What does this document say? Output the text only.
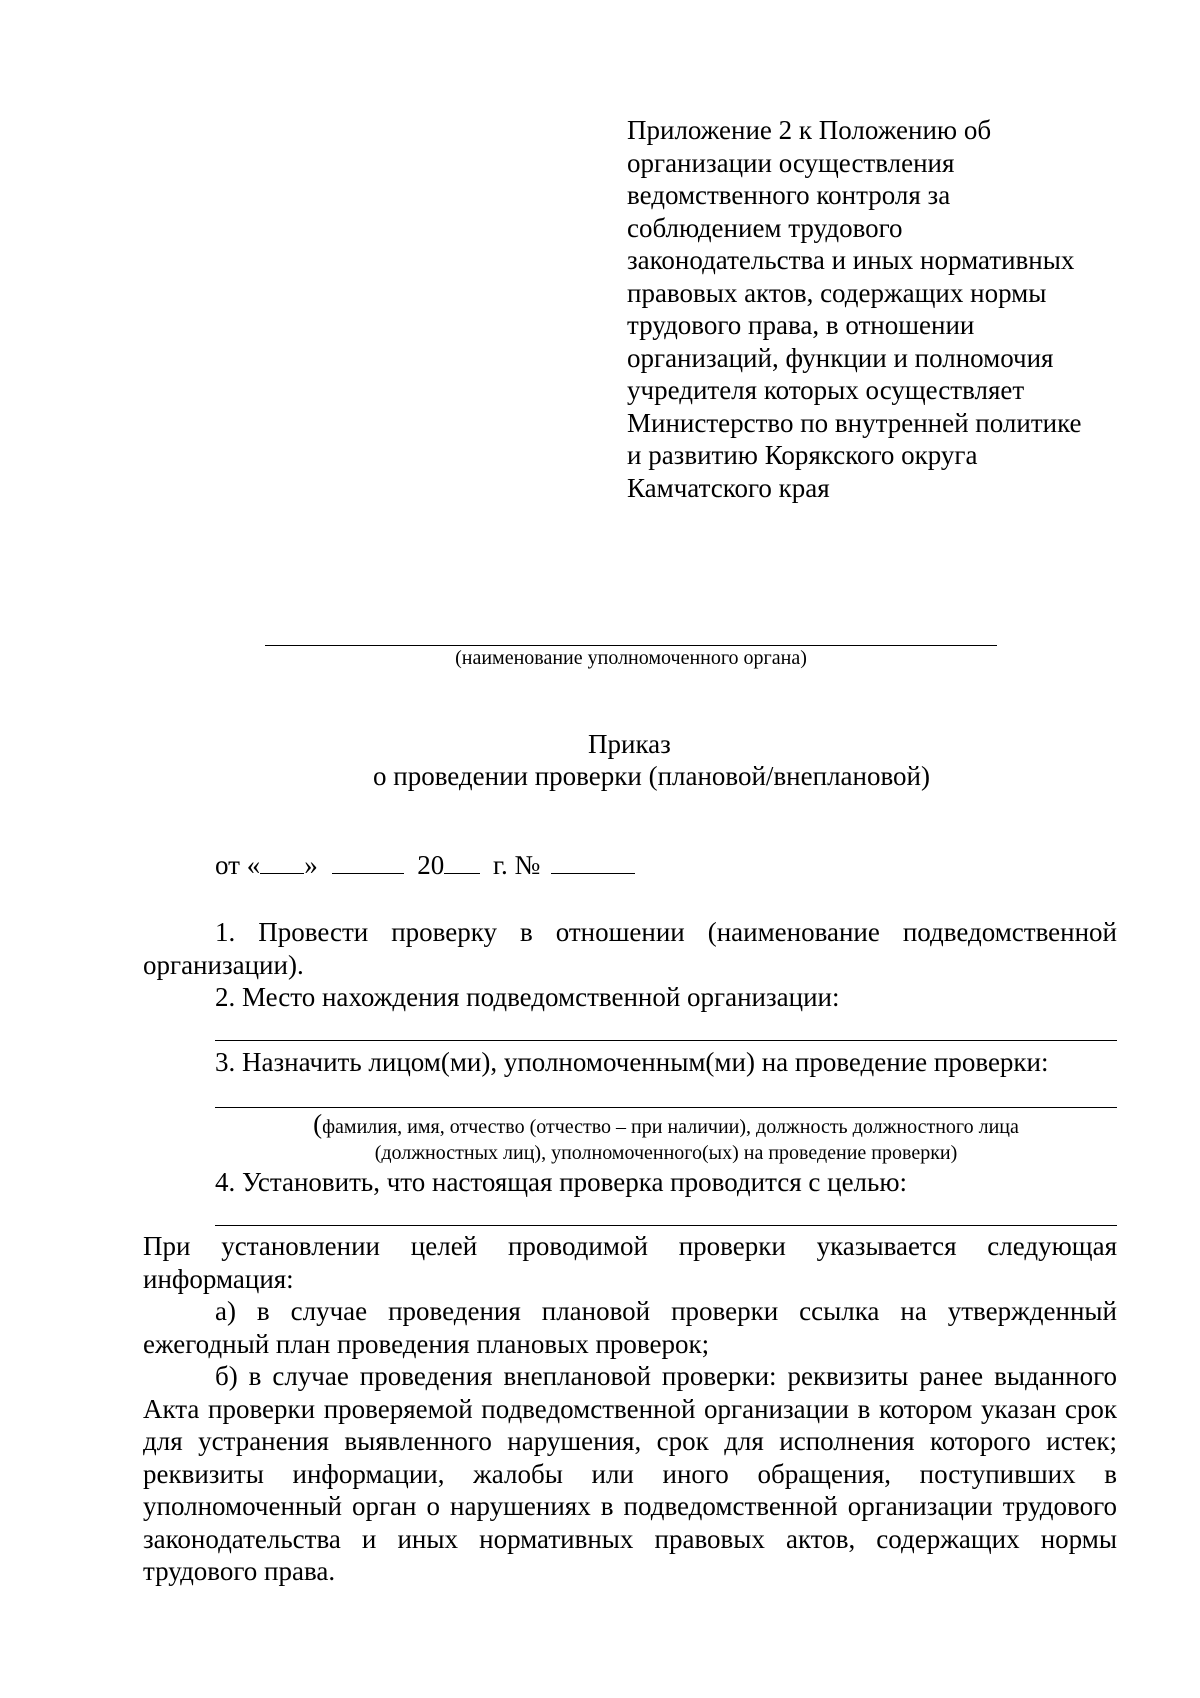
Приложение 2 к Положению об
организации осуществления
ведомственного контроля за
соблюдением трудового
законодательства и иных нормативных
правовых актов, содержащих нормы
трудового права, в отношении
организаций, функции и полномочия
учредителя которых осуществляет
Министерство по внутренней политике
и развитию Корякского округа
Камчатского края
(наименование уполномоченного органа)
Приказ
о проведении проверки (плановой/внеплановой)
от « »	20 г. №

1. Провести проверку в отношении (наименование подведомственной организации).

2. Место нахождения подведомственной организации:
3. Назначить лицом(ми), уполномоченным(ми) на проведение проверки:
(фамилия, имя, отчество (отчество – при наличии), должность должностного лица
(должностных лиц), уполномоченного(ых) на проведение проверки)
4. Установить, что настоящая проверка проводится с целью:

При установлении целей проводимой проверки указывается следующая информация:

а) в случае проведения плановой проверки ссылка на утвержденный ежегодный план проведения плановых проверок;

б) в случае проведения внеплановой проверки: реквизиты ранее выданного Акта проверки проверяемой подведомственной организации в котором указан срок для устранения выявленного нарушения, срок для исполнения которого истек; реквизиты информации, жалобы или иного обращения, поступивших в уполномоченный орган о нарушениях в подведомственной организации трудового законодательства и иных нормативных правовых актов, содержащих нормы трудового права.
